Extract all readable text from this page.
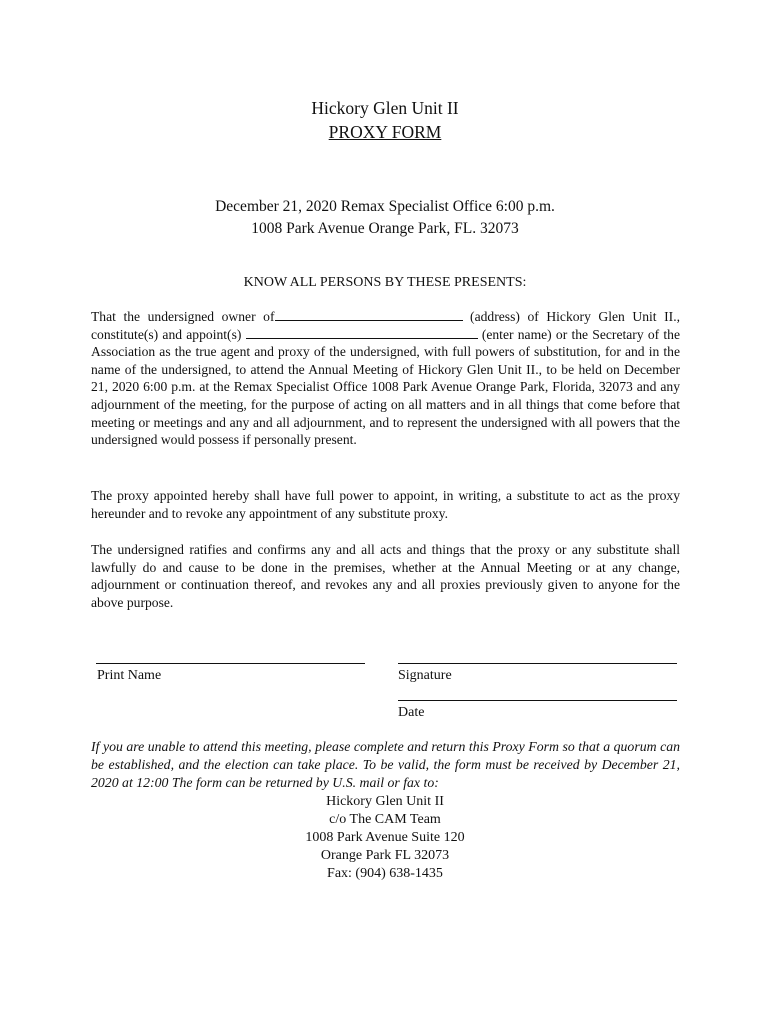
Hickory Glen Unit II
PROXY FORM
December 21, 2020 Remax Specialist Office 6:00 p.m.
1008 Park Avenue Orange Park, FL. 32073
KNOW ALL PERSONS BY THESE PRESENTS:

That the undersigned owner of	(address) of Hickory Glen Unit II., constitute(s) and appoint(s)	(enter name) or the Secretary of the Association as the true agent and proxy of the undersigned, with full powers of substitution, for and in the name of the undersigned, to attend the Annual Meeting of Hickory Glen Unit II., to be held on December 21, 2020 6:00 p.m. at the Remax Specialist Office 1008 Park Avenue Orange Park, Florida, 32073 and any adjournment of the meeting, for the purpose of acting on all matters and in all things that come before that meeting or meetings and any and all adjournment, and to represent the undersigned with all powers that the undersigned would possess if personally present.

The proxy appointed hereby shall have full power to appoint, in writing, a substitute to act as the proxy hereunder and to revoke any appointment of any substitute proxy.

The undersigned ratifies and confirms any and all acts and things that the proxy or any substitute shall lawfully do and cause to be done in the premises, whether at the Annual Meeting or at any change, adjournment or continuation thereof, and revokes any and all proxies previously given to anyone for the above purpose.

Print Name	Signature
Date

If you are unable to attend this meeting, please complete and return this Proxy Form so that a quorum can be established, and the election can take place. To be valid, the form must be received by December 21, 2020 at 12:00 The form can be returned by U.S. mail or fax to:

Hickory Glen Unit II
c/o The CAM Team
1008 Park Avenue Suite 120
Orange Park FL 32073
Fax: (904) 638-1435
